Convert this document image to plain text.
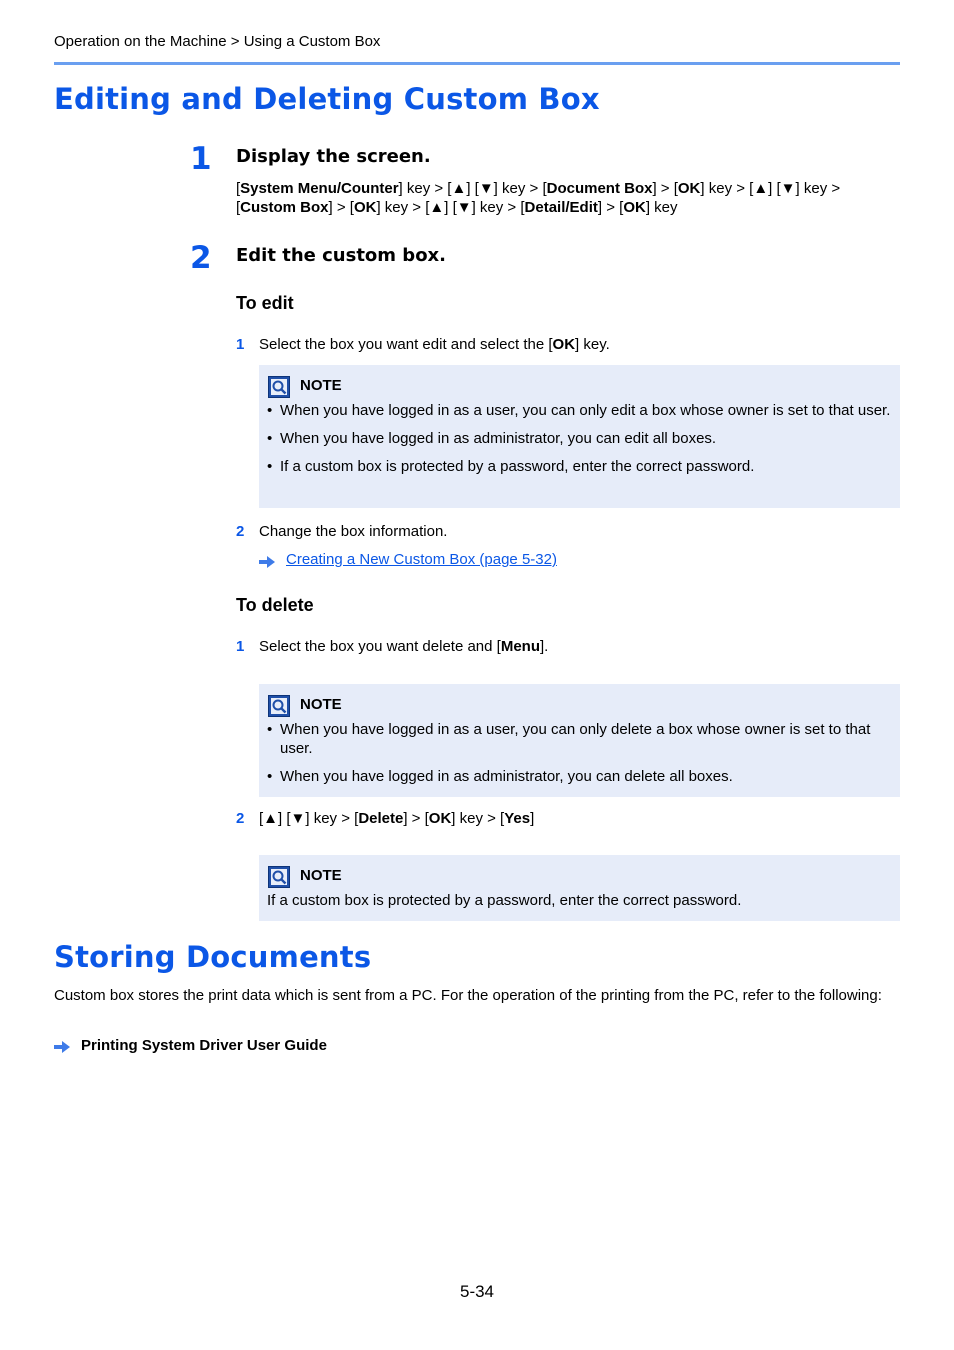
Operation on the Machine > Using a Custom Box
Editing and Deleting Custom Box
1 Display the screen.
[System Menu/Counter] key > [▲] [▼] key > [Document Box] > [OK] key > [▲] [▼] key >
[Custom Box] > [OK] key > [▲] [▼] key > [Detail/Edit] > [OK] key
2 Edit the custom box.
To edit
1 Select the box you want edit and select the [OK] key.
NOTE
• When you have logged in as a user, you can only edit a box whose owner is set to that user.
• When you have logged in as administrator, you can edit all boxes.
• If a custom box is protected by a password, enter the correct password.
2 Change the box information.
Creating a New Custom Box (page 5-32)
To delete
1 Select the box you want delete and [Menu].
NOTE
• When you have logged in as a user, you can only delete a box whose owner is set to that user.
• When you have logged in as administrator, you can delete all boxes.
2 [▲] [▼] key > [Delete] > [OK] key > [Yes]
NOTE
If a custom box is protected by a password, enter the correct password.
Storing Documents
Custom box stores the print data which is sent from a PC. For the operation of the printing from the PC, refer to the following:
Printing System Driver User Guide
5-34
